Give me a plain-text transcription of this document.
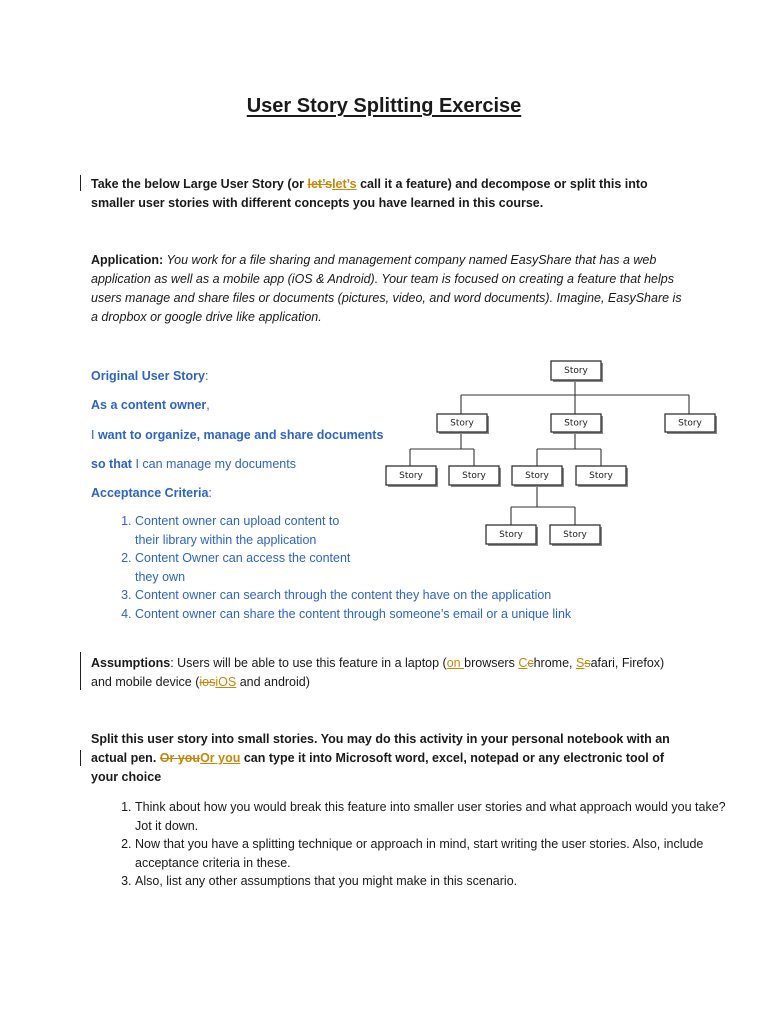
User Story Splitting Exercise
Take the below Large User Story (or let’slet’s call it a feature) and decompose or split this into smaller user stories with different concepts you have learned in this course.
Application: You work for a file sharing and management company named EasyShare that has a web application as well as a mobile app (iOS & Android). Your team is focused on creating a feature that helps users manage and share files or documents (pictures, video, and word documents). Imagine, EasyShare is a dropbox or google drive like application.
Original User Story:
As a content owner,
I want to organize, manage and share documents
so that I can manage my documents
Acceptance Criteria:
1. Content owner can upload content to their library within the application
2. Content Owner can access the content they own
3. Content owner can search through the content they have on the application
4. Content owner can share the content through someone’s email or a unique link
Story
Story	Story	Story
Story	Story	Story	Story
Story	Story
Assumptions: Users will be able to use this feature in a laptop (on browsers Cchrome, Ssafari, Firefox) and mobile device (iosiOS and android)
Split this user story into small stories. You may do this activity in your personal notebook with an actual pen. Or youOr you can type it into Microsoft word, excel, notepad or any electronic tool of your choice
1. Think about how you would break this feature into smaller user stories and what approach would you take? Jot it down.
2. Now that you have a splitting technique or approach in mind, start writing the user stories. Also, include acceptance criteria in these.
3. Also, list any other assumptions that you might make in this scenario.
